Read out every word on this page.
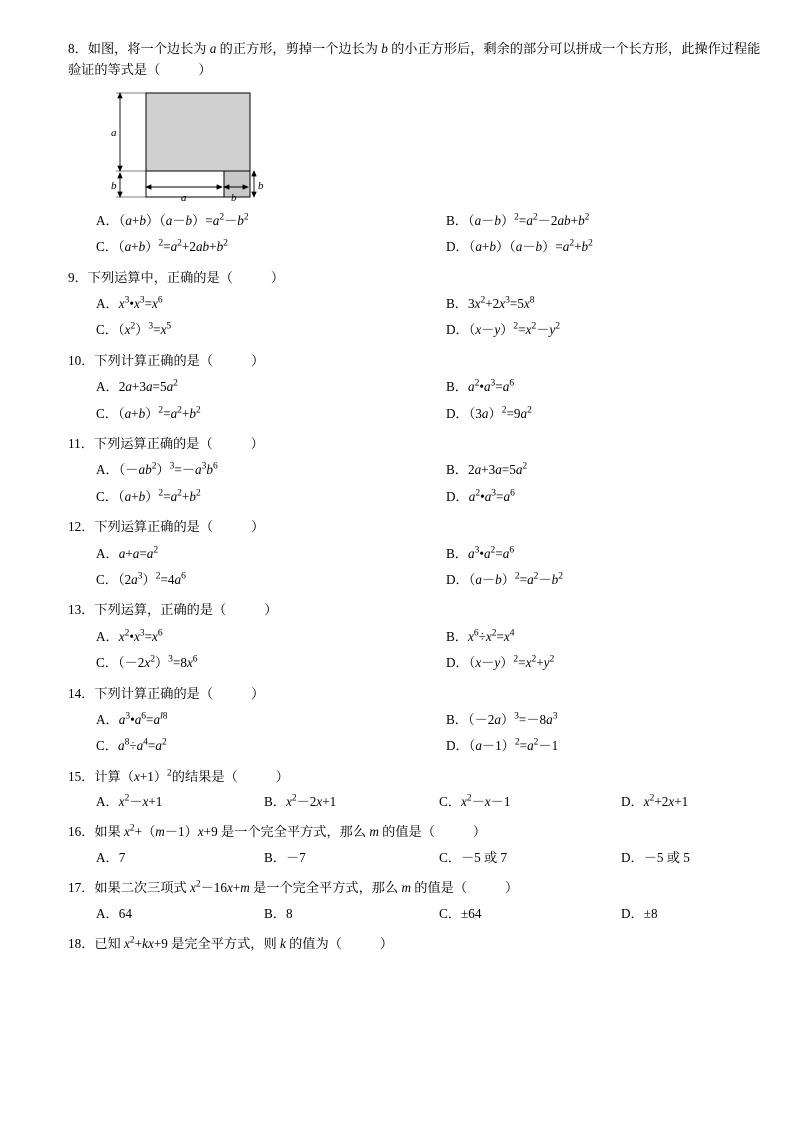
8．如图，将一个边长为 a 的正方形，剪掉一个边长为 b 的小正方形后，剩余的部分可以拼成一个长方形，此操作过程能验证的等式是（	）
a
b
a	b
b
A．$(a+b)(a-b)=a^2-b^2$	B．$(a-b)^2=a^2-2ab+b^2$
C．$(a+b)^2=a^2+2ab+b^2$	D．$(a+b)(a-b)=a^2+b^2$
9．下列运算中，正确的是（	）
A．$x^3•x^3=x^6$	B．$3x^2+2x^3=5x^8$
C．$(x^2)^3=x^5$	D．$(x-y)^2=x^2-y^2$
10．下列计算正确的是（	）
A．$2a+3a=5a^2$	B．$a^2•a^3=a^6$
C．$(a+b)^2=a^2+b^2$	D．$(3a)^2=9a^2$
11．下列运算正确的是（	）
A．$(-ab^2)^3=-a^3b^6$	B．$2a+3a=5a^2$
C．$(a+b)^2=a^2+b^2$	D．$a^2•a^3=a^6$
12．下列运算正确的是（	）
A．$a+a=a^2$	B．$a^3•a^2=a^6$
C．$(2a^3)^2=4a^6$	D．$(a-b)^2=a^2-b^2$
13．下列运算，正确的是（	）
A．$x^2•x^3=x^6$	B．$x^6\div x^2=x^4$
C．$(-2x^2)^3=8x^6$	D．$(x-y)^2=x^2+y^2$
14．下列计算正确的是（	）
A．$a^3•a^6=a^{l8}$	B．$(-2a)^3=-8a^3$
C．$a^8\div a^4=a^2$	D．$(a-1)^2=a^2-1$
15．计算$(x+1)^2$的结果是（	）
A．$x^2-x+1$	B．$x^2-2x+1$	C．$x^2-x-1$	D．$x^2+2x+1$
16．如果 $x^2+(m-1)x+9$ 是一个完全平方式，那么 m 的值是（	）
A．7	B．－7	C．－5 或 7	D．－5 或 5
17．如果二次三项式 $x^2-16x+m$ 是一个完全平方式，那么 m 的值是（	）
A．64	B．8	C．±64	D．±8
18．已知 $x^2+kx+9$ 是完全平方式，则 k 的值为（	）
